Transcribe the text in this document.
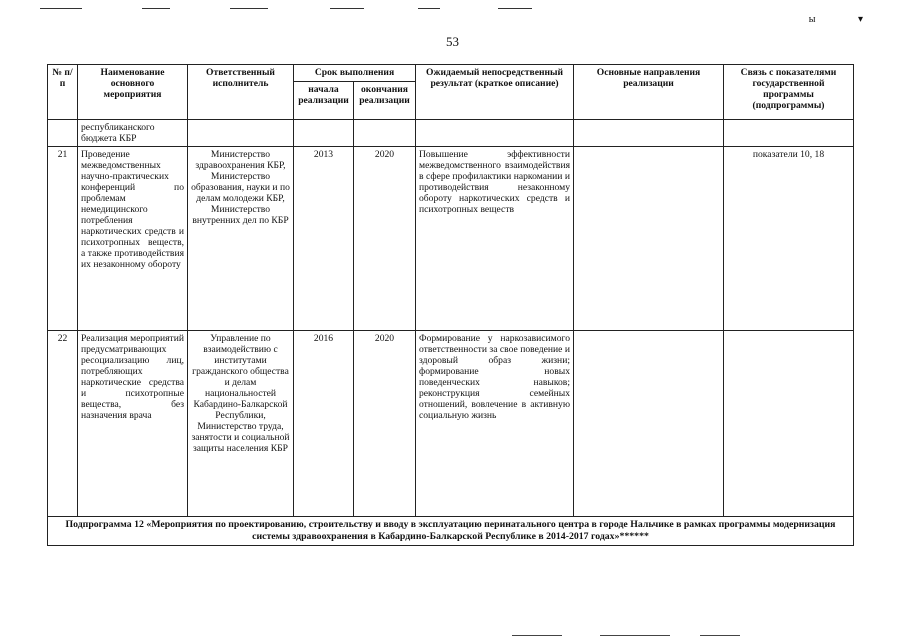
ы ▾
53
№ п/п	Наименование основного мероприятия	Ответственный исполнитель	Срок выполнения		Ожидаемый непосредственный результат (краткое описание)	Основные направления реализации	Связь с показателями государственной программы (подпрограммы)
			начала реализации	окончания реализации			
	республиканского бюджета КБР						
21	Проведение межведомственных научно-практических конференций по проблемам немедицинского потребления наркотических средств и психотропных веществ, а также противодействия их незаконному обороту	Министерство здравоохранения КБР, Министерство образования, науки и по делам молодежи КБР, Министерство внутренних дел по КБР	2013	2020	Повышение эффективности межведомственного взаимодействия в сфере профилактики наркомании и противодействия незаконному обороту наркотических средств и психотропных веществ		показатели 10, 18
22	Реализация мероприятий предусматривающих ресоциализацию лиц, потребляющих наркотические средства и психотропные вещества, без назначения врача	Управление по взаимодействию с институтами гражданского общества и делам национальностей Кабардино-Балкарской Республики, Министерство труда, занятости и социальной защиты населения КБР	2016	2020	Формирование у наркозависимого ответственности за свое поведение и здоровый образ жизни; формирование новых поведенческих навыков; реконструкция семейных отношений, вовлечение в активную социальную жизнь		
Подпрограмма 12 «Мероприятия по проектированию, строительству и вводу в эксплуатацию перинатального центра в городе Нальчике в рамках программы модернизация системы здравоохранения в Кабардино-Балкарской Республике в 2014-2017 годах»******							
